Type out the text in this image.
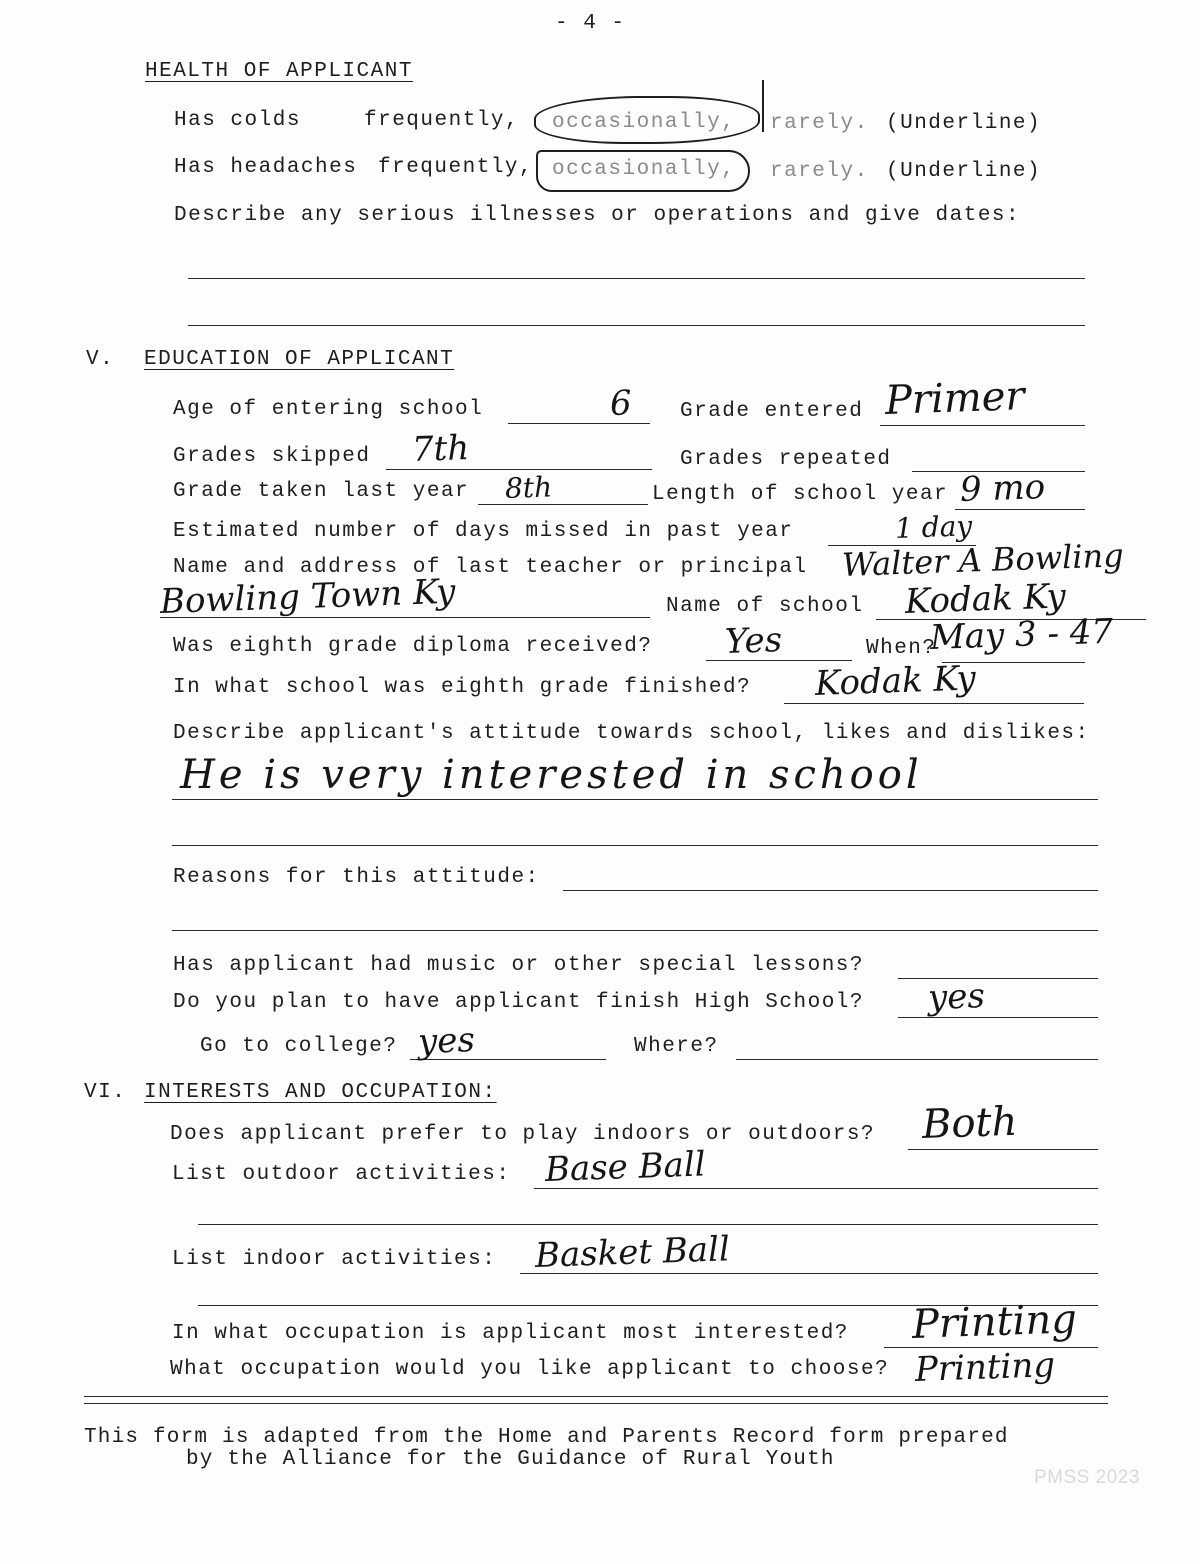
- 4 -
HEALTH OF APPLICANT
Has colds	frequently, occasionally, rarely. (Underline)
Has headaches frequently, occasionally, rarely. (Underline)
Describe any serious illnesses or operations and give dates:
V. EDUCATION OF APPLICANT
Age of entering school	6 Grade entered Primer
Grades skipped 7th	Grades repeated
Grade taken last year 8th	Length of school year 9 mo
Estimated number of days missed in past year	1 day
Name and address of last teacher or principal Walter A Bowling
Bowling Town Ky	Name of school Kodak Ky
Was eighth grade diploma received? Yes	When?
May 3 - 47
In what school was eighth grade finished? Kodak Ky
Describe applicant's attitude towards school, likes and dislikes:
He is very interested in school
Reasons for this attitude:
Has applicant had music or other special lessons?
Do you plan to have applicant finish High School? yes
Go to college? yes	Where?
VI. INTERESTS AND OCCUPATION:
Does applicant prefer to play indoors or outdoors? Both
List outdoor activities: Base Ball
List indoor activities: Basket Ball
In what occupation is applicant most interested? Printing
What occupation would you like applicant to choose? Printing
This form is adapted from the Home and Parents Record form prepared
by the Alliance for the Guidance of Rural Youth
PMSS 2023
